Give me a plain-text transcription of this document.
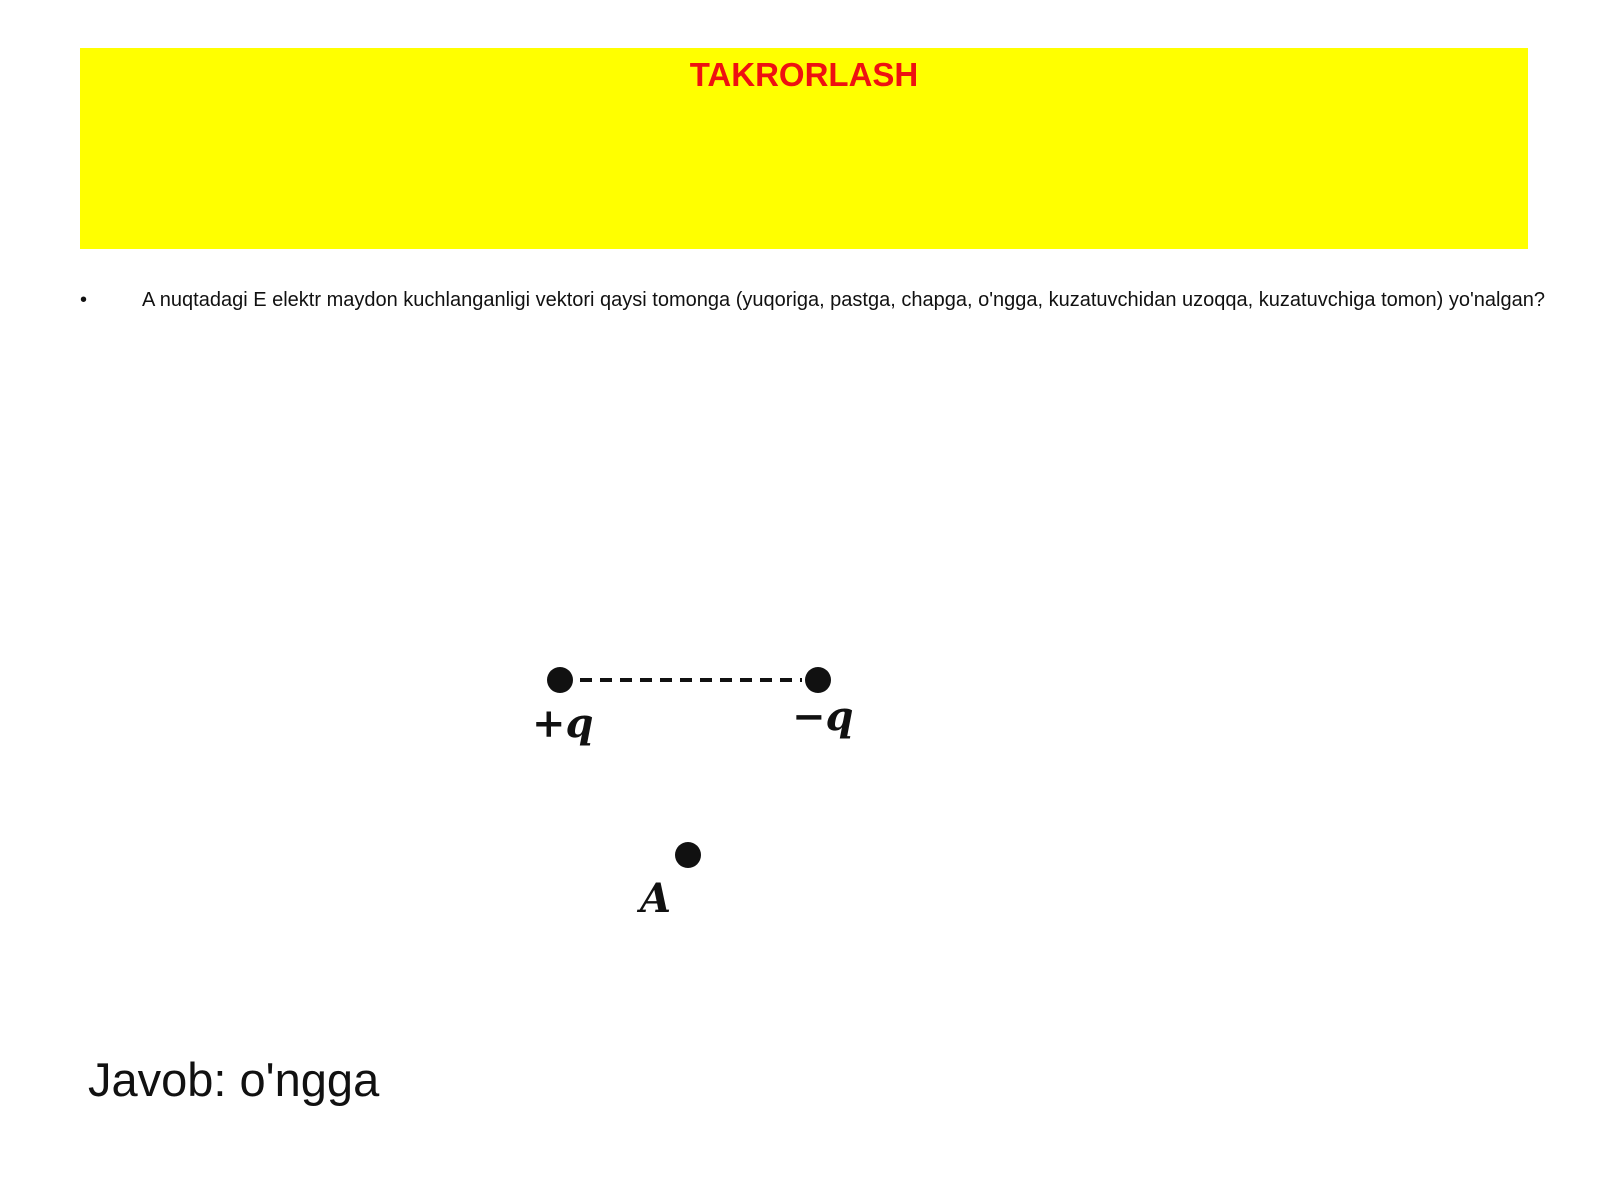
TAKRORLASH
•	A nuqtadagi E elektr maydon kuchlanganligi vektori qaysi tomonga (yuqoriga, pastga, chapga, o'ngga, kuzatuvchidan uzoqqa, kuzatuvchiga tomon) yo'nalgan?
+q	−q
A
Javob: o'ngga
